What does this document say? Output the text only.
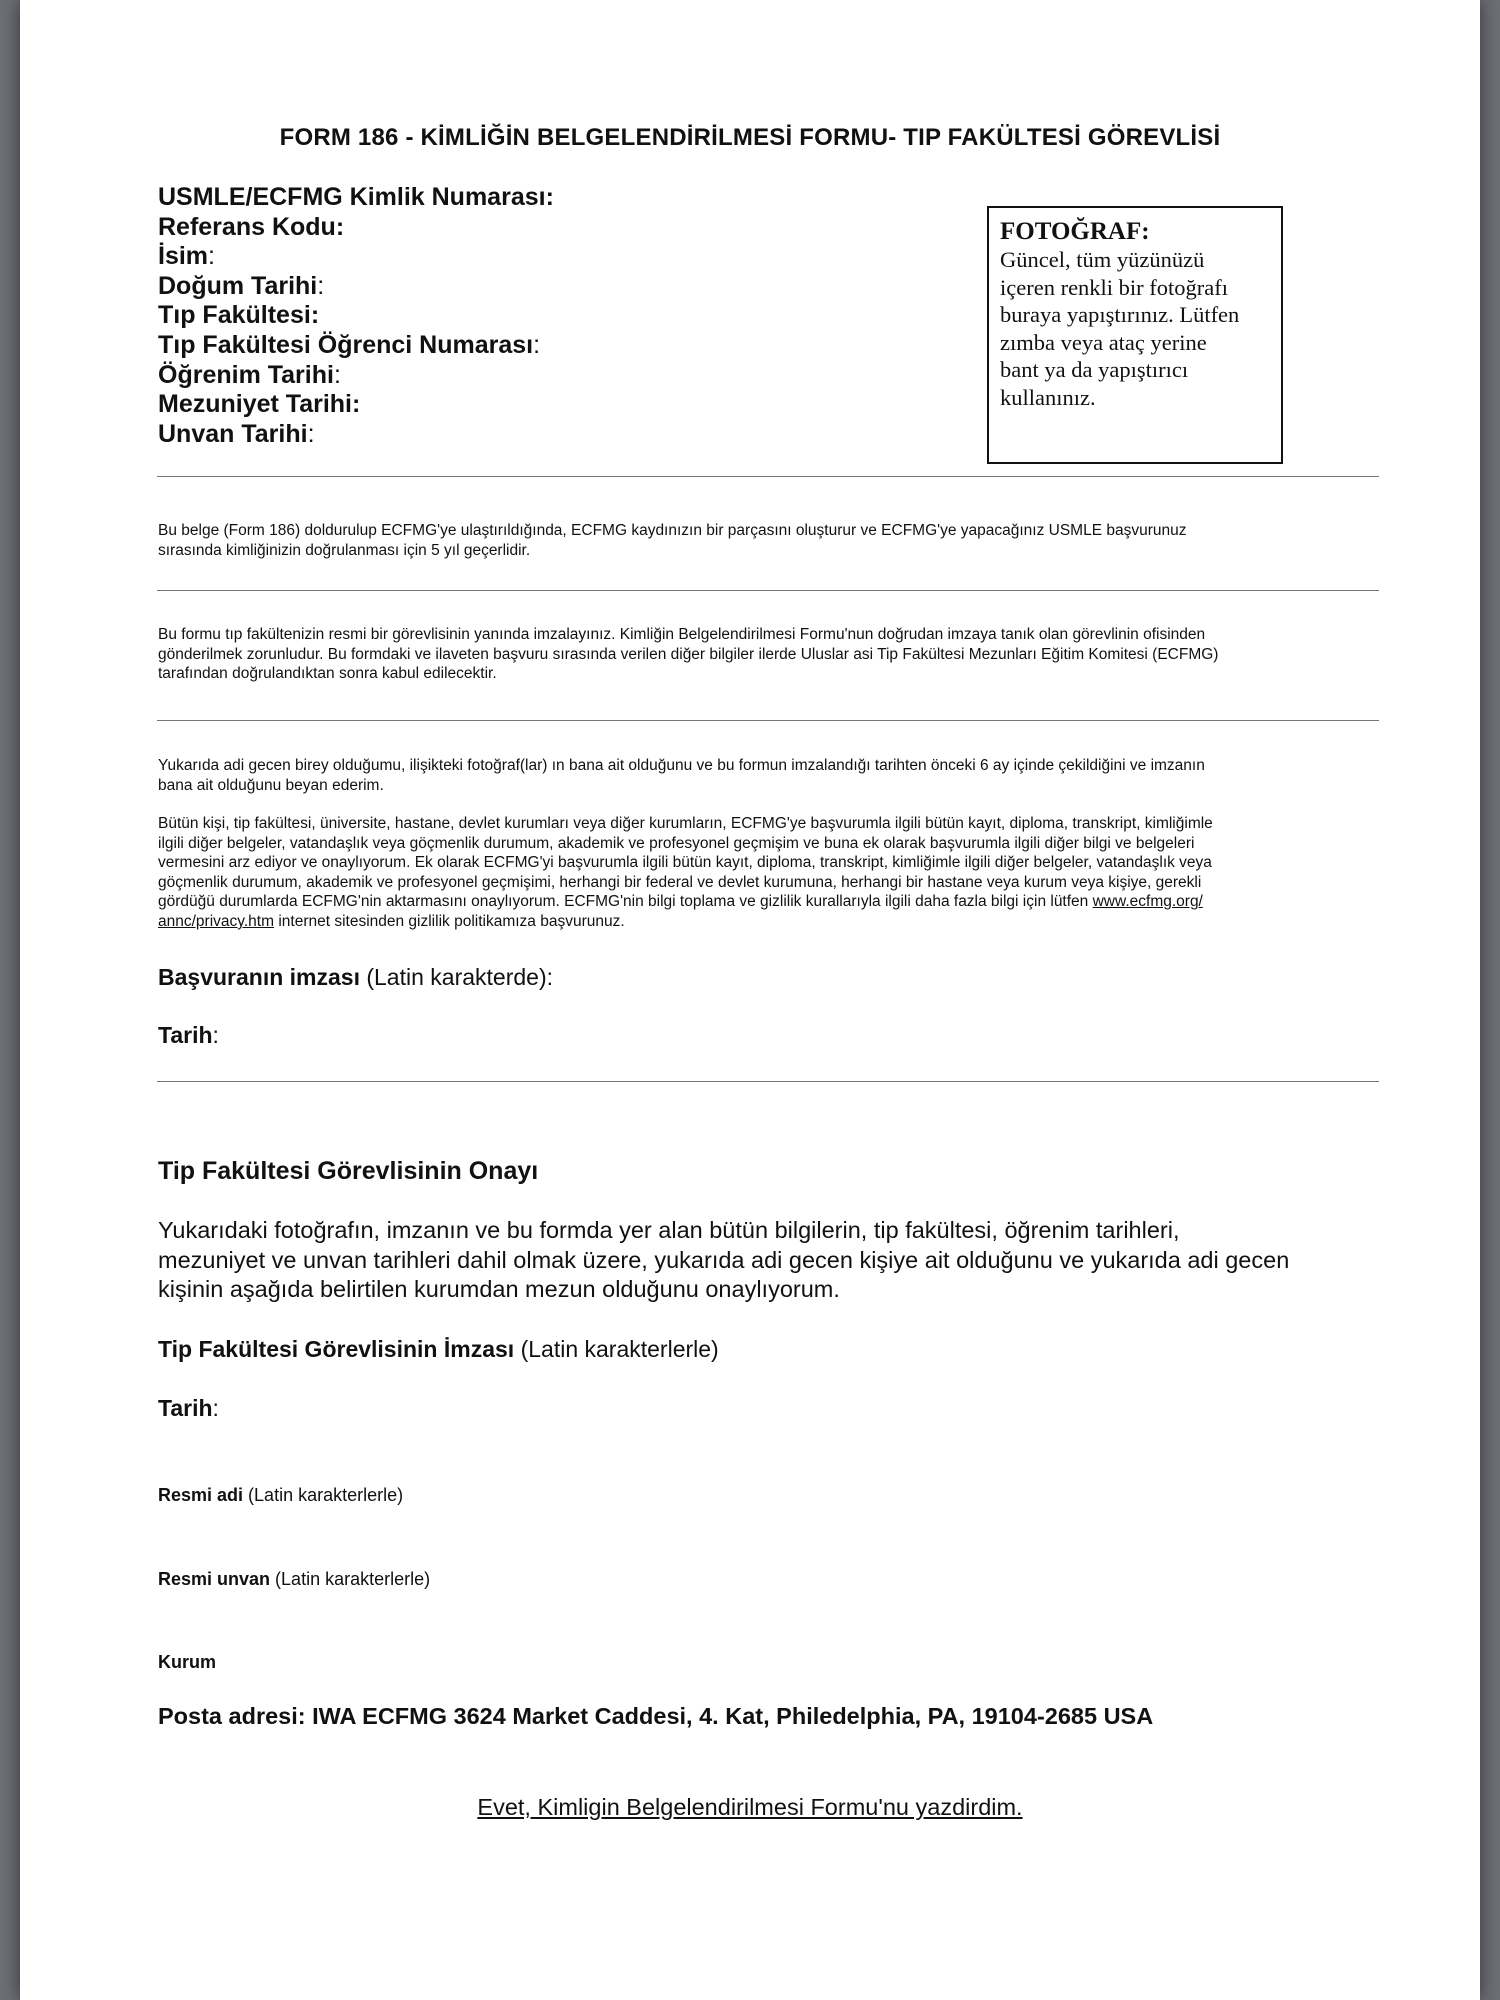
FORM 186 - KİMLİĞİN BELGELENDİRİLMESİ FORMU- TIP FAKÜLTESİ GÖREVLİSİ
USMLE/ECFMG Kimlik Numarası:
Referans Kodu:
İsim:
Doğum Tarihi:
Tıp Fakültesi:
Tıp Fakültesi Öğrenci Numarası:
Öğrenim Tarihi:
Mezuniyet Tarihi:
Unvan Tarihi:
FOTOĞRAF:
Güncel, tüm yüzünüzü
içeren renkli bir fotoğrafı
buraya yapıştırınız. Lütfen
zımba veya ataç yerine
bant ya da yapıştırıcı
kullanınız.
Bu belge (Form 186) doldurulup ECFMG'ye ulaştırıldığında, ECFMG kaydınızın bir parçasını oluşturur ve ECFMG'ye yapacağınız USMLE başvurunuz
sırasında kimliğinizin doğrulanması için 5 yıl geçerlidir.
Bu formu tıp fakültenizin resmi bir görevlisinin yanında imzalayınız. Kimliğin Belgelendirilmesi Formu'nun doğrudan imzaya tanık olan görevlinin ofisinden
gönderilmek zorunludur. Bu formdaki ve ilaveten başvuru sırasında verilen diğer bilgiler ilerde Uluslar asi Tip Fakültesi Mezunları Eğitim Komitesi (ECFMG)
tarafından doğrulandıktan sonra kabul edilecektir.
Yukarıda adi gecen birey olduğumu, ilişikteki fotoğraf(lar) ın bana ait olduğunu ve bu formun imzalandığı tarihten önceki 6 ay içinde çekildiğini ve imzanın
bana ait olduğunu beyan ederim.
Bütün kişi, tip fakültesi, üniversite, hastane, devlet kurumları veya diğer kurumların, ECFMG'ye başvurumla ilgili bütün kayıt, diploma, transkript, kimliğimle
ilgili diğer belgeler, vatandaşlık veya göçmenlik durumum, akademik ve profesyonel geçmişim ve buna ek olarak başvurumla ilgili diğer bilgi ve belgeleri
vermesini arz ediyor ve onaylıyorum. Ek olarak ECFMG'yi başvurumla ilgili bütün kayıt, diploma, transkript, kimliğimle ilgili diğer belgeler, vatandaşlık veya
göçmenlik durumum, akademik ve profesyonel geçmişimi, herhangi bir federal ve devlet kurumuna, herhangi bir hastane veya kurum veya kişiye, gerekli
gördüğü durumlarda ECFMG'nin aktarmasını onaylıyorum. ECFMG'nin bilgi toplama ve gizlilik kurallarıyla ilgili daha fazla bilgi için lütfen www.ecfmg.org/
annc/privacy.htm internet sitesinden gizlilik politikamıza başvurunuz.
Başvuranın imzası (Latin karakterde):
Tarih:
Tip Fakültesi Görevlisinin Onayı
Yukarıdaki fotoğrafın, imzanın ve bu formda yer alan bütün bilgilerin, tip fakültesi, öğrenim tarihleri,
mezuniyet ve unvan tarihleri dahil olmak üzere, yukarıda adi gecen kişiye ait olduğunu ve yukarıda adi gecen
kişinin aşağıda belirtilen kurumdan mezun olduğunu onaylıyorum.
Tip Fakültesi Görevlisinin İmzası (Latin karakterlerle)
Tarih:
Resmi adi (Latin karakterlerle)
Resmi unvan (Latin karakterlerle)
Kurum
Posta adresi: IWA ECFMG 3624 Market Caddesi, 4. Kat, Philedelphia, PA, 19104-2685 USA
Evet, Kimligin Belgelendirilmesi Formu'nu yazdirdim.
